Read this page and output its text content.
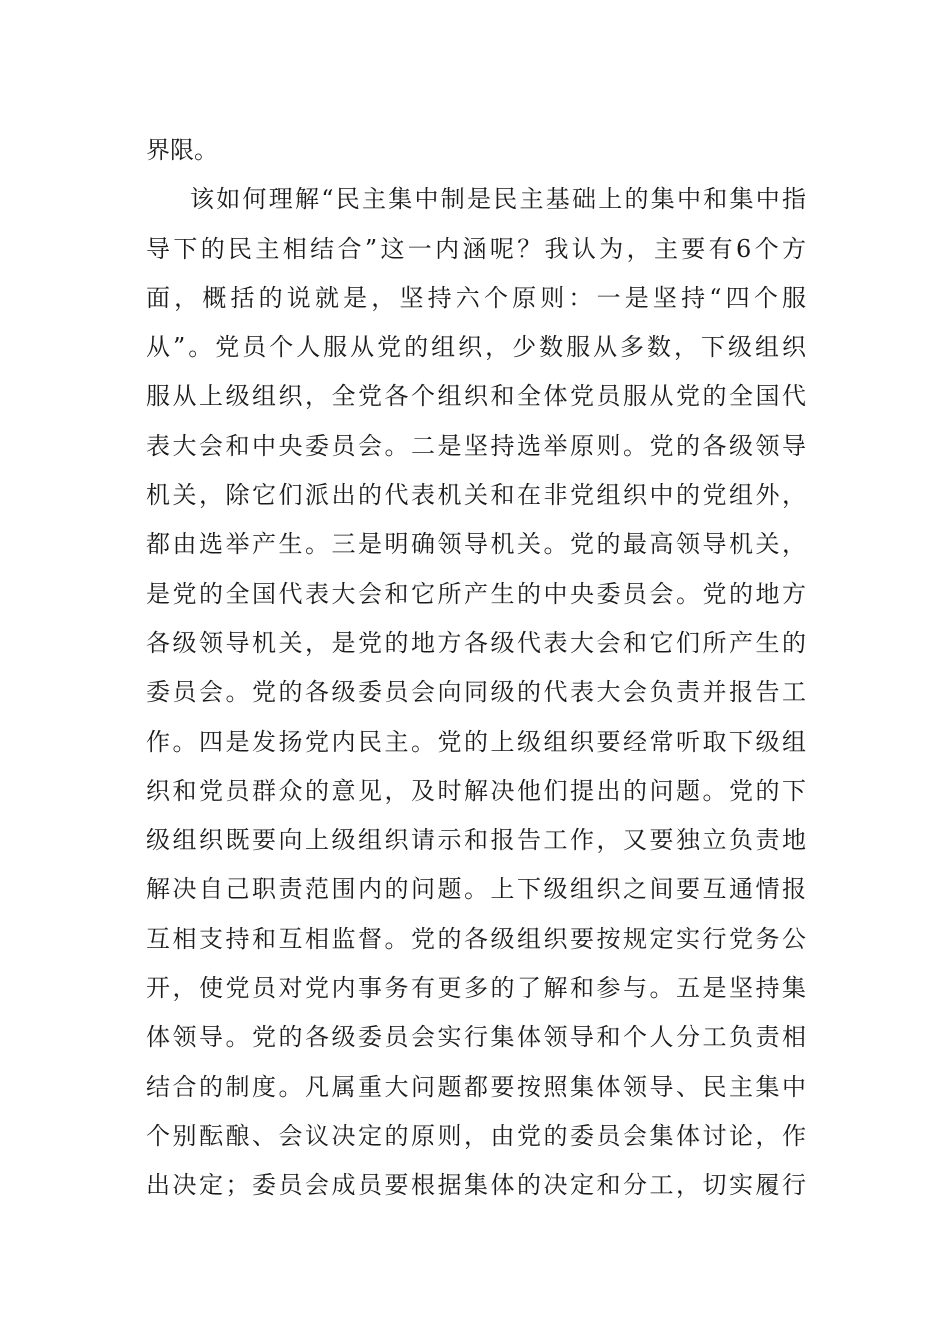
界限。
该如何理解“民主集中制是民主基础上的集中和集中指
导下的民主相结合”这一内涵呢？我认为，主要有6个方
面，概括的说就是，坚持六个原则：一是坚持“四个服
从”。党员个人服从党的组织，少数服从多数，下级组织
服从上级组织，全党各个组织和全体党员服从党的全国代
表大会和中央委员会。二是坚持选举原则。党的各级领导
机关，除它们派出的代表机关和在非党组织中的党组外，
都由选举产生。三是明确领导机关。党的最高领导机关，
是党的全国代表大会和它所产生的中央委员会。党的地方
各级领导机关，是党的地方各级代表大会和它们所产生的
委员会。党的各级委员会向同级的代表大会负责并报告工
作。四是发扬党内民主。党的上级组织要经常听取下级组
织和党员群众的意见，及时解决他们提出的问题。党的下
级组织既要向上级组织请示和报告工作，又要独立负责地
解决自己职责范围内的问题。上下级组织之间要互通情报
互相支持和互相监督。党的各级组织要按规定实行党务公
开，使党员对党内事务有更多的了解和参与。五是坚持集
体领导。党的各级委员会实行集体领导和个人分工负责相
结合的制度。凡属重大问题都要按照集体领导、民主集中
个别酝酿、会议决定的原则，由党的委员会集体讨论，作
出决定；委员会成员要根据集体的决定和分工，切实履行
